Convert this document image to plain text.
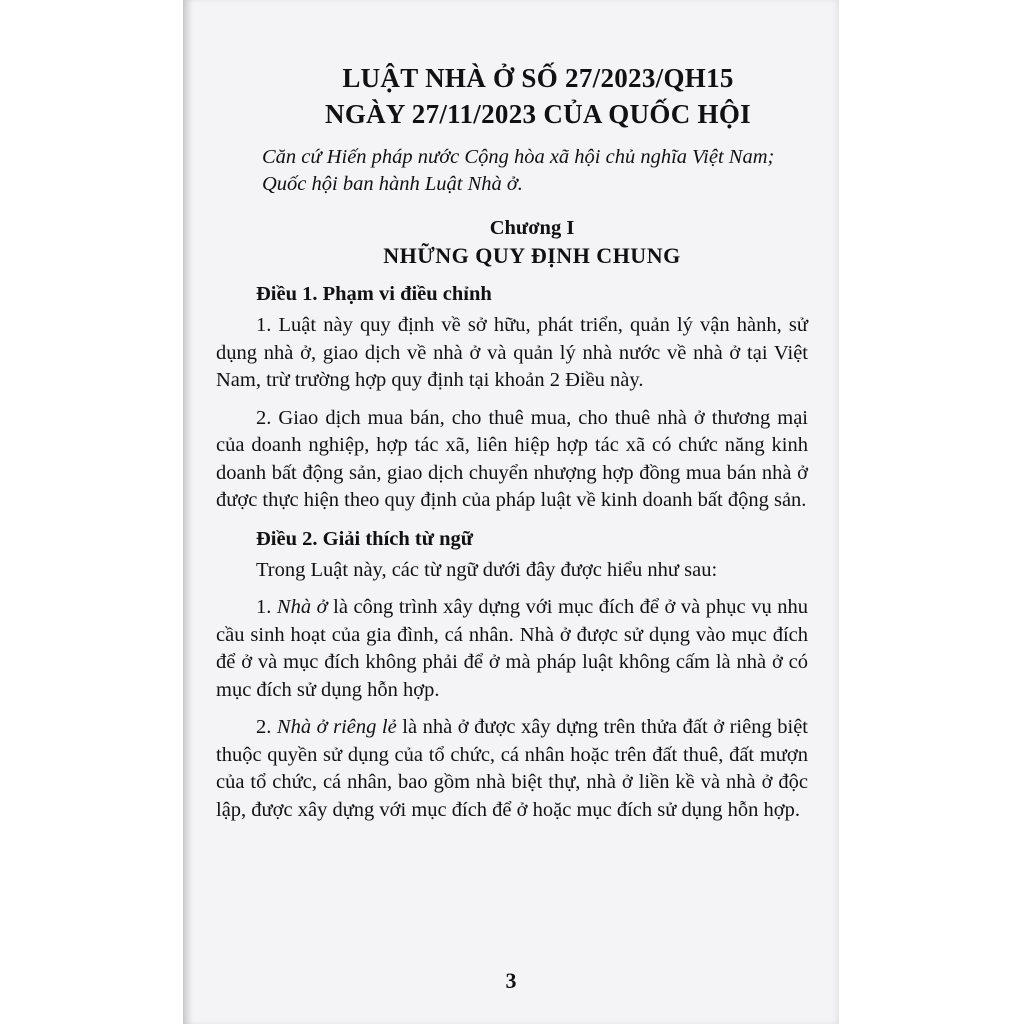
LUẬT NHÀ Ở SỐ 27/2023/QH15
NGÀY 27/11/2023 CỦA QUỐC HỘI
Căn cứ Hiến pháp nước Cộng hòa xã hội chủ nghĩa Việt Nam;
Quốc hội ban hành Luật Nhà ở.
Chương I
NHỮNG QUY ĐỊNH CHUNG
Điều 1. Phạm vi điều chỉnh

1. Luật này quy định về sở hữu, phát triển, quản lý vận hành, sử dụng nhà ở, giao dịch về nhà ở và quản lý nhà nước về nhà ở tại Việt Nam, trừ trường hợp quy định tại khoản 2 Điều này.

2. Giao dịch mua bán, cho thuê mua, cho thuê nhà ở thương mại của doanh nghiệp, hợp tác xã, liên hiệp hợp tác xã có chức năng kinh doanh bất động sản, giao dịch chuyển nhượng hợp đồng mua bán nhà ở được thực hiện theo quy định của pháp luật về kinh doanh bất động sản.

Điều 2. Giải thích từ ngữ

Trong Luật này, các từ ngữ dưới đây được hiểu như sau:

1. Nhà ở là công trình xây dựng với mục đích để ở và phục vụ nhu cầu sinh hoạt của gia đình, cá nhân. Nhà ở được sử dụng vào mục đích để ở và mục đích không phải để ở mà pháp luật không cấm là nhà ở có mục đích sử dụng hỗn hợp.

2. Nhà ở riêng lẻ là nhà ở được xây dựng trên thửa đất ở riêng biệt thuộc quyền sử dụng của tổ chức, cá nhân hoặc trên đất thuê, đất mượn của tổ chức, cá nhân, bao gồm nhà biệt thự, nhà ở liền kề và nhà ở độc lập, được xây dựng với mục đích để ở hoặc mục đích sử dụng hỗn hợp.

3
